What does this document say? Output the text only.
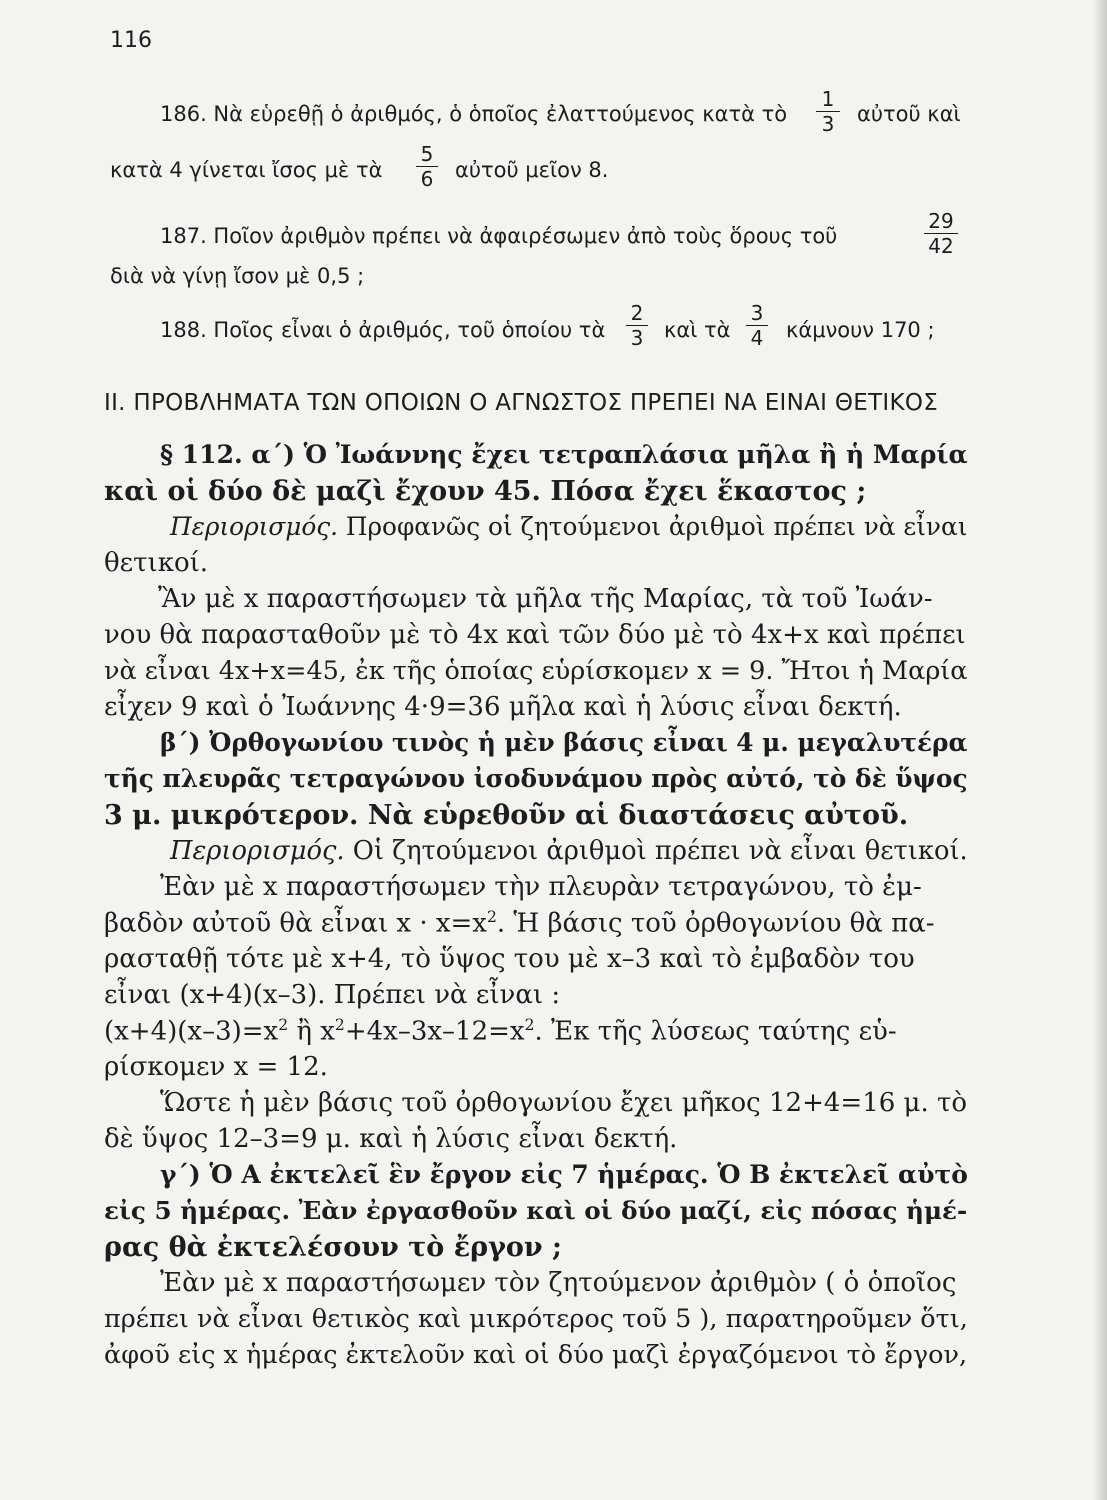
116
186. Νὰ εὑρεθῇ ὁ ἀριθμός, ὁ ὁποῖος ἐλαττούμενος κατὰ τὸ
1
3 αὐτοῦ καὶ
κατὰ 4 γίνεται ἴσος μὲ τὰ
5
6 αὐτοῦ μεῖον 8.
187. Ποῖον ἀριθμὸν πρέπει νὰ ἀφαιρέσωμεν ἀπὸ τοὺς ὅρους τοῦ
29
42
διὰ νὰ γίνῃ ἴσον μὲ 0,5 ;
188. Ποῖος εἶναι ὁ ἀριθμός, τοῦ ὁποίου τὰ
2
3 καὶ τὰ
3
4 κάμνουν 170 ;
II. ΠΡΟΒΛΗΜΑΤΑ ΤΩΝ ΟΠΟΙΩΝ Ο ΑΓΝΩΣΤΟΣ ΠΡΕΠΕΙ ΝΑ ΕΙΝΑΙ ΘΕΤΙΚΟΣ
§ 112. α΄) Ὁ Ἰωάννης ἔχει τετραπλάσια μῆλα ἢ ἡ Μαρία
καὶ οἱ δύο δὲ μαζὶ ἔχουν 45. Πόσα ἔχει ἕκαστος ;
Περιορισμός. Προφανῶς οἱ ζητούμενοι ἀριθμοὶ πρέπει νὰ εἶναι
θετικοί.
Ἂν μὲ x παραστήσωμεν τὰ μῆλα τῆς Μαρίας, τὰ τοῦ Ἰωάν-
νου θὰ παρασταθοῦν μὲ τὸ 4x καὶ τῶν δύο μὲ τὸ 4x+x καὶ πρέπει
νὰ εἶναι 4x+x=45, ἐκ τῆς ὁποίας εὑρίσκομεν x = 9. Ἤτοι ἡ Μαρία
εἶχεν 9 καὶ ὁ Ἰωάννης 4·9=36 μῆλα καὶ ἡ λύσις εἶναι δεκτή.
β΄) Ὀρθογωνίου τινὸς ἡ μὲν βάσις εἶναι 4 μ. μεγαλυτέρα
τῆς πλευρᾶς τετραγώνου ἰσοδυνάμου πρὸς αὐτό, τὸ δὲ ὕψος
3 μ. μικρότερον. Νὰ εὑρεθοῦν αἱ διαστάσεις αὐτοῦ.
Περιορισμός. Οἱ ζητούμενοι ἀριθμοὶ πρέπει νὰ εἶναι θετικοί.
Ἐὰν μὲ x παραστήσωμεν τὴν πλευρὰν τετραγώνου, τὸ ἐμ-
βαδὸν αὐτοῦ θὰ εἶναι $x \cdot x=x^2$. Ἡ βάσις τοῦ ὀρθογωνίου θὰ πα-
ρασταθῇ τότε μὲ x+4, τὸ ὕψος του μὲ x–3 καὶ τὸ ἐμβαδὸν του
εἶναι (x+4)(x–3). Πρέπει νὰ εἶναι :
$(x+4)(x-3)=x^2$ ἢ $x^2+4x-3x-12=x^2$. Ἐκ τῆς λύσεως ταύτης εὑ-
ρίσκομεν x = 12.
Ὥστε ἡ μὲν βάσις τοῦ ὀρθογωνίου ἔχει μῆκος 12+4=16 μ. τὸ
δὲ ὕψος 12–3=9 μ. καὶ ἡ λύσις εἶναι δεκτή.
γ΄) Ὁ Α ἐκτελεῖ ἓν ἔργον εἰς 7 ἡμέρας. Ὁ Β ἐκτελεῖ αὐτὸ
εἰς 5 ἡμέρας. Ἐὰν ἐργασθοῦν καὶ οἱ δύο μαζί, εἰς πόσας ἡμέ-
ρας θὰ ἐκτελέσουν τὸ ἔργον ;
Ἐὰν μὲ x παραστήσωμεν τὸν ζητούμενον ἀριθμὸν ( ὁ ὁποῖος
πρέπει νὰ εἶναι θετικὸς καὶ μικρότερος τοῦ 5 ), παρατηροῦμεν ὅτι,
ἀφοῦ εἰς x ἡμέρας ἐκτελοῦν καὶ οἱ δύο μαζὶ ἐργαζόμενοι τὸ ἔργον,
